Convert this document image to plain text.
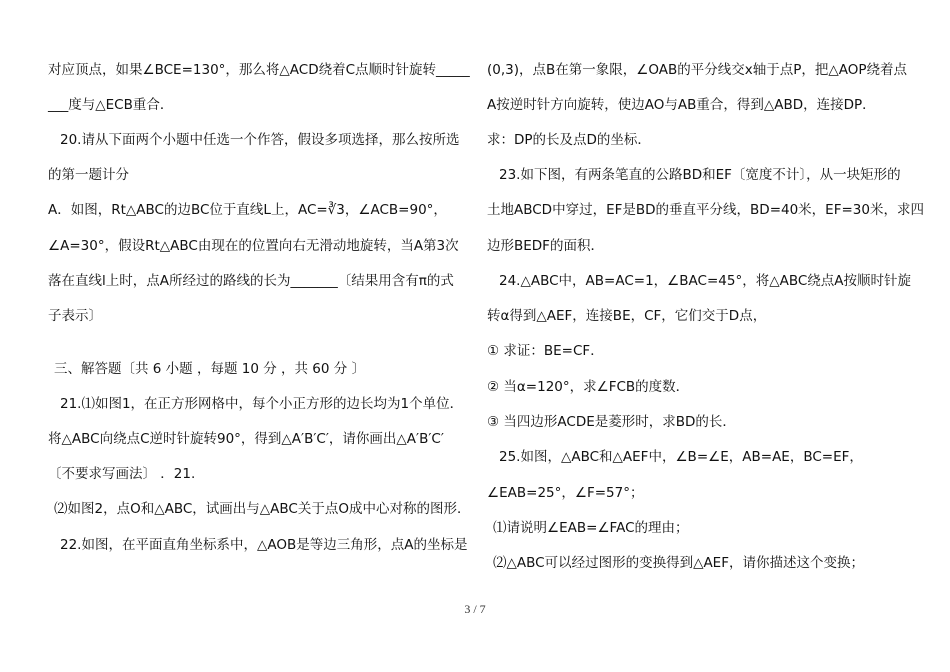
对应顶点，如果∠BCE=130°，那么将△ACD绕着C点顺时针旋转_____
___度与△ECB重合．
20.请从下面两个小题中任选一个作答，假设多项选择，那么按所选
的第一题计分
A．如图，Rt△ABC的边BC位于直线L上，AC=∛3，∠ACB=90°，
∠A=30°，假设Rt△ABC由现在的位置向右无滑动地旋转，当A第3次
落在直线l上时，点A所经过的路线的长为_______〔结果用含有π的式
子表示〕
三、解答题〔共 6 小题 ，每题 10 分 ，共 60 分 〕
21.⑴如图1，在正方形网格中，每个小正方形的边长均为1个单位．
将△ABC向绕点C逆时针旋转90°，得到△A′B′C′，请你画出△A′B′C′
〔不要求写画法〕 ．21.
⑵如图2，点O和△ABC，试画出与△ABC关于点O成中心对称的图形．
22.如图，在平面直角坐标系中，△AOB是等边三角形，点A的坐标是
(0,3)，点B在第一象限，∠OAB的平分线交x轴于点P，把△AOP绕着点
A按逆时针方向旋转，使边AO与AB重合，得到△ABD，连接DP．
求：DP的长及点D的坐标．
23.如下图，有两条笔直的公路BD和EF〔宽度不计〕，从一块矩形的
土地ABCD中穿过，EF是BD的垂直平分线，BD=40米，EF=30米，求四
边形BEDF的面积．
24.△ABC中，AB=AC=1，∠BAC=45°，将△ABC绕点A按顺时针旋
转α得到△AEF，连接BE，CF，它们交于D点，
① 求证：BE=CF．
② 当α=120°，求∠FCB的度数．
③ 当四边形ACDE是菱形时，求BD的长．
25.如图，△ABC和△AEF中，∠B=∠E，AB=AE，BC=EF，
∠EAB=25°，∠F=57°；
⑴请说明∠EAB=∠FAC的理由；
⑵△ABC可以经过图形的变换得到△AEF，请你描述这个变换；
3 / 7
